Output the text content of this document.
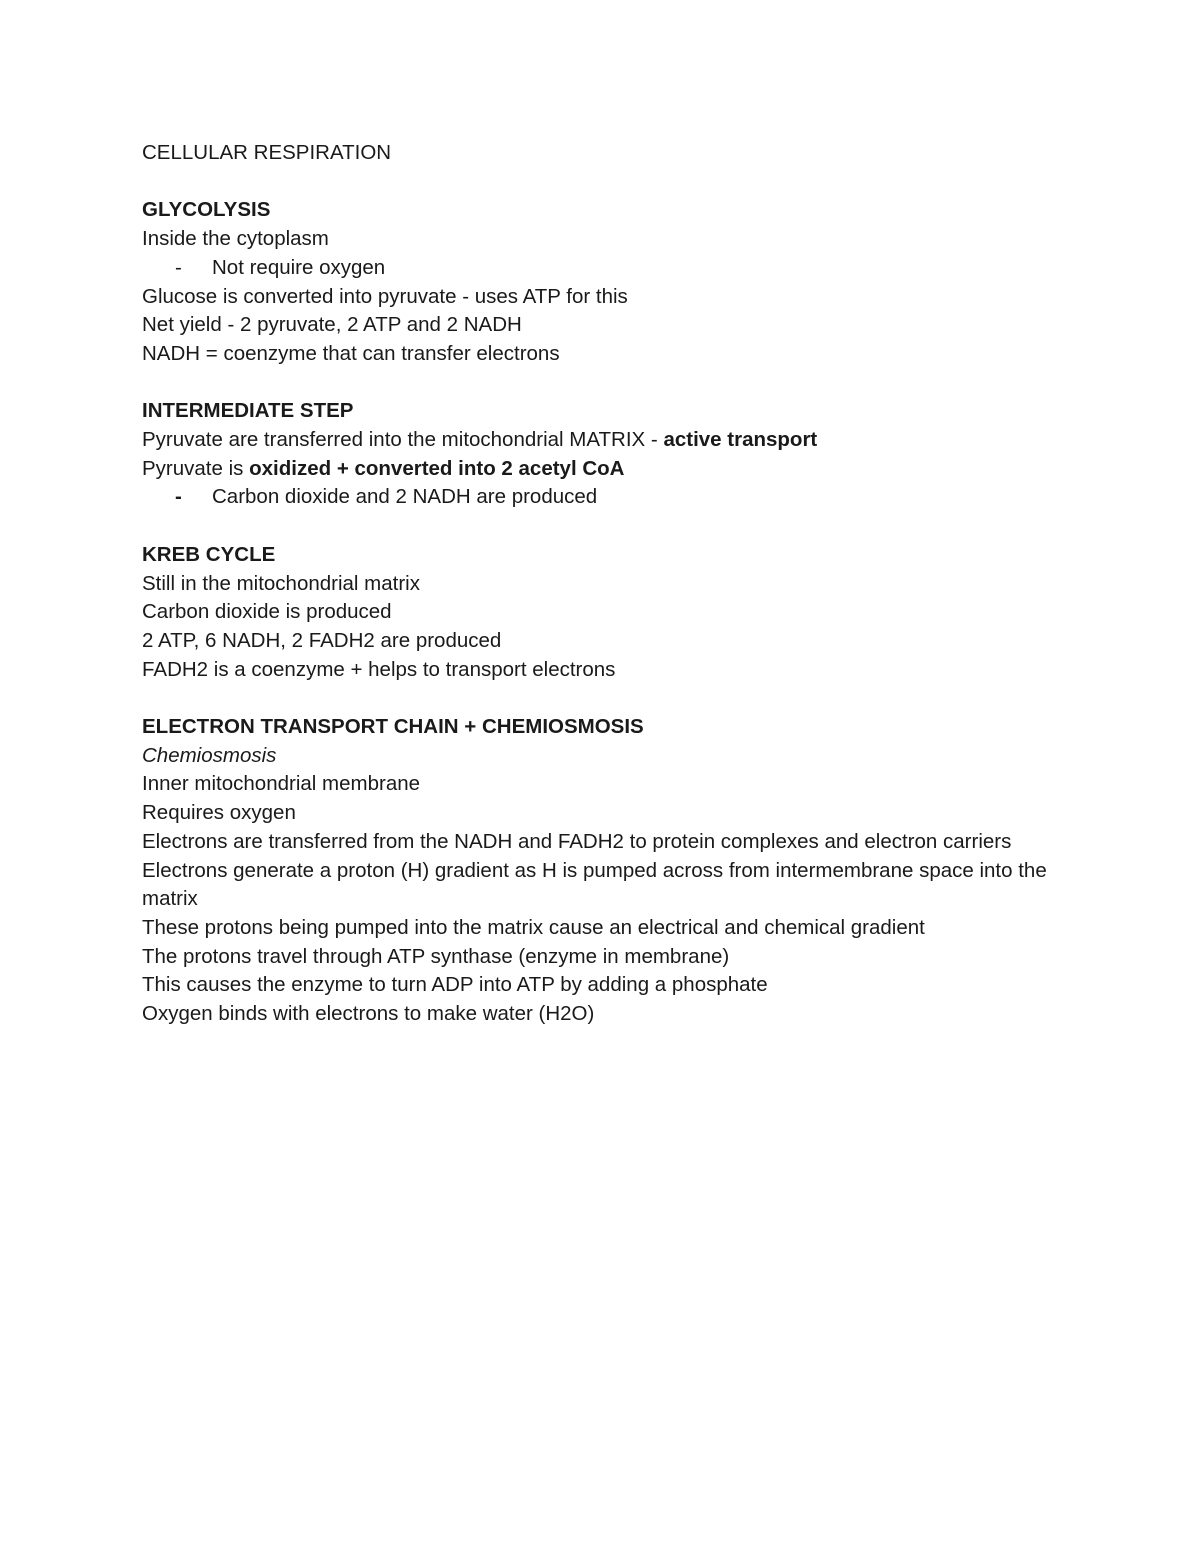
CELLULAR RESPIRATION
GLYCOLYSIS
Inside the cytoplasm
- Not require oxygen
Glucose is converted into pyruvate - uses ATP for this
Net yield - 2 pyruvate, 2 ATP and 2 NADH
NADH = coenzyme that can transfer electrons
INTERMEDIATE STEP
Pyruvate are transferred into the mitochondrial MATRIX - active transport
Pyruvate is oxidized + converted into 2 acetyl CoA
- Carbon dioxide and 2 NADH are produced
KREB CYCLE
Still in the mitochondrial matrix
Carbon dioxide is produced
2 ATP, 6 NADH, 2 FADH2 are produced
FADH2 is a coenzyme + helps to transport electrons
ELECTRON TRANSPORT CHAIN + CHEMIOSMOSIS
Chemiosmosis
Inner mitochondrial membrane
Requires oxygen
Electrons are transferred from the NADH and FADH2 to protein complexes and electron carriers
Electrons generate a proton (H) gradient as H is pumped across from intermembrane space into the matrix
These protons being pumped into the matrix cause an electrical and chemical gradient
The protons travel through ATP synthase (enzyme in membrane)
This causes the enzyme to turn ADP into ATP by adding a phosphate
Oxygen binds with electrons to make water (H2O)
